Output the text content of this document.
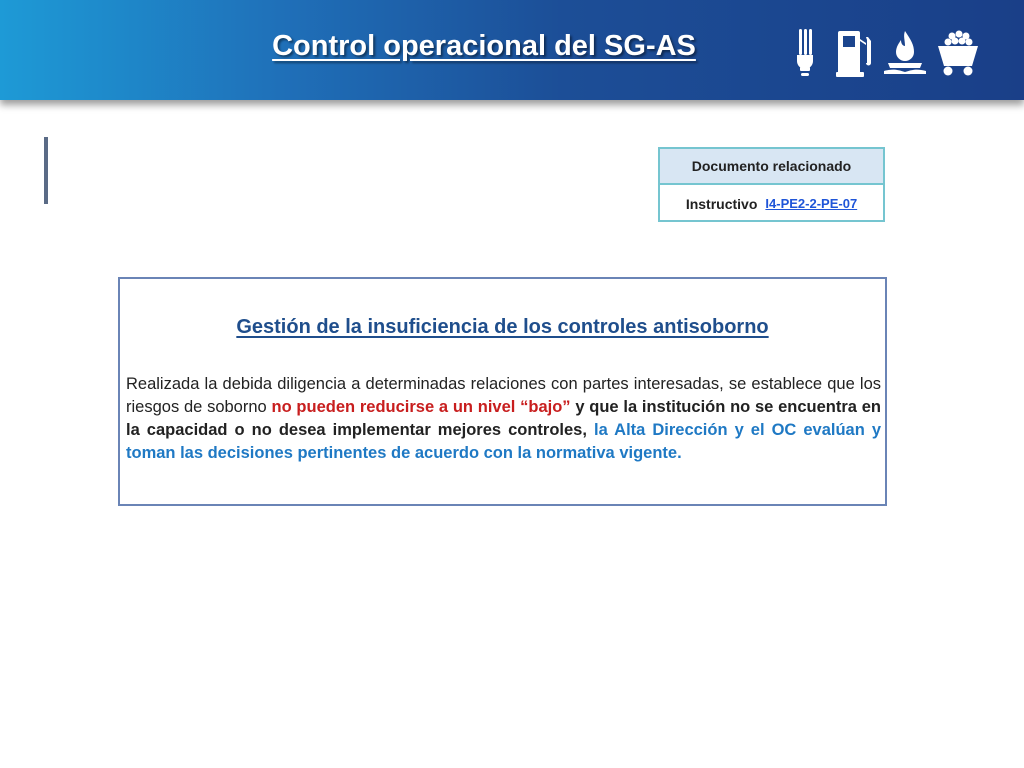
Control operacional del SG-AS
Documento relacionado
Instructivo I4-PE2-2-PE-07
Gestión de la insuficiencia de los controles antisoborno
Realizada la debida diligencia a determinadas relaciones con partes interesadas, se establece que los riesgos de soborno no pueden reducirse a un nivel “bajo” y que la institución no se encuentra en la capacidad o no desea implementar mejores controles, la Alta Dirección y el OC evalúan y toman las decisiones pertinentes de acuerdo con la normativa vigente.
